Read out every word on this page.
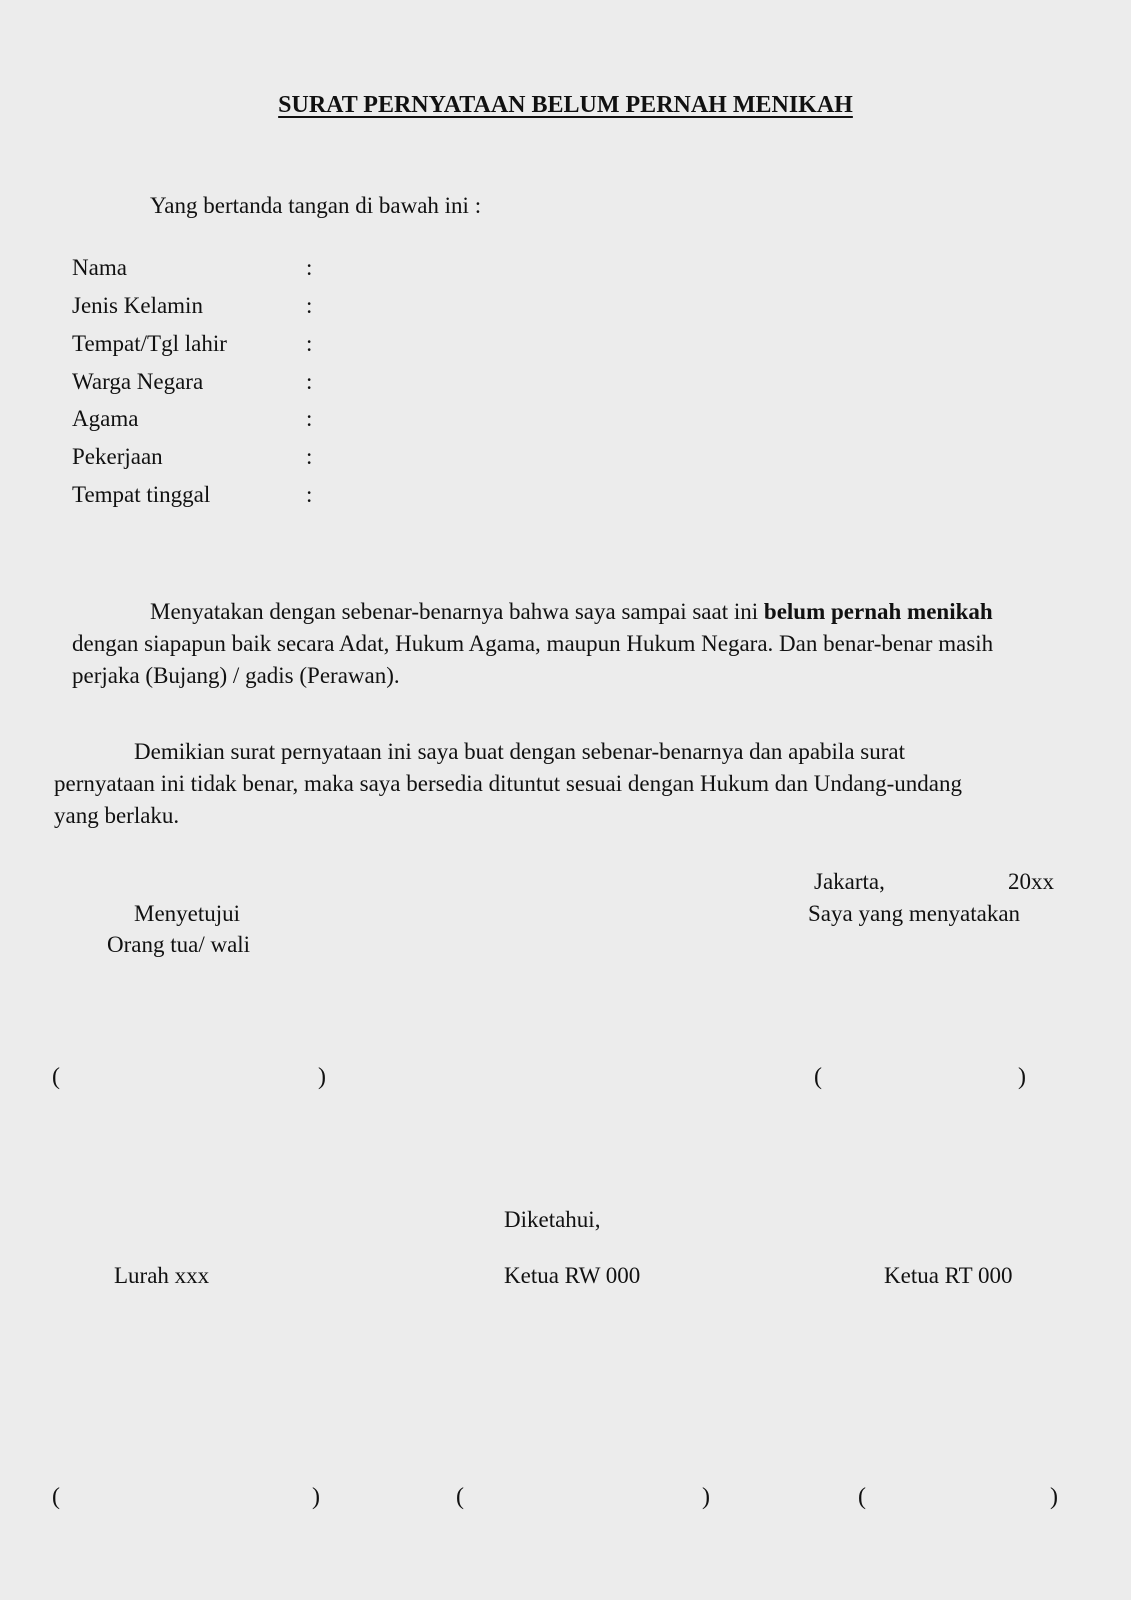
SURAT PERNYATAAN BELUM PERNAH MENIKAH
Yang bertanda tangan di bawah ini :
Nama	:
Jenis Kelamin	:
Tempat/Tgl lahir	:
Warga Negara	:
Agama	:
Pekerjaan	:
Tempat tinggal	:
Menyatakan dengan sebenar-benarnya bahwa saya sampai saat ini belum pernah menikah
dengan siapapun baik secara Adat, Hukum Agama, maupun Hukum Negara. Dan benar-benar masih
perjaka (Bujang) / gadis (Perawan).
Demikian surat pernyataan ini saya buat dengan sebenar-benarnya dan apabila surat
pernyataan ini tidak benar, maka saya bersedia dituntut sesuai dengan Hukum dan Undang-undang
yang berlaku.
Jakarta,	20xx
Saya yang menyatakan
Menyetujui
Orang tua/ wali
(	)	(	)
Diketahui,
Lurah xxx	Ketua RW 000	Ketua RT 000
(	)	(	)	(	)
